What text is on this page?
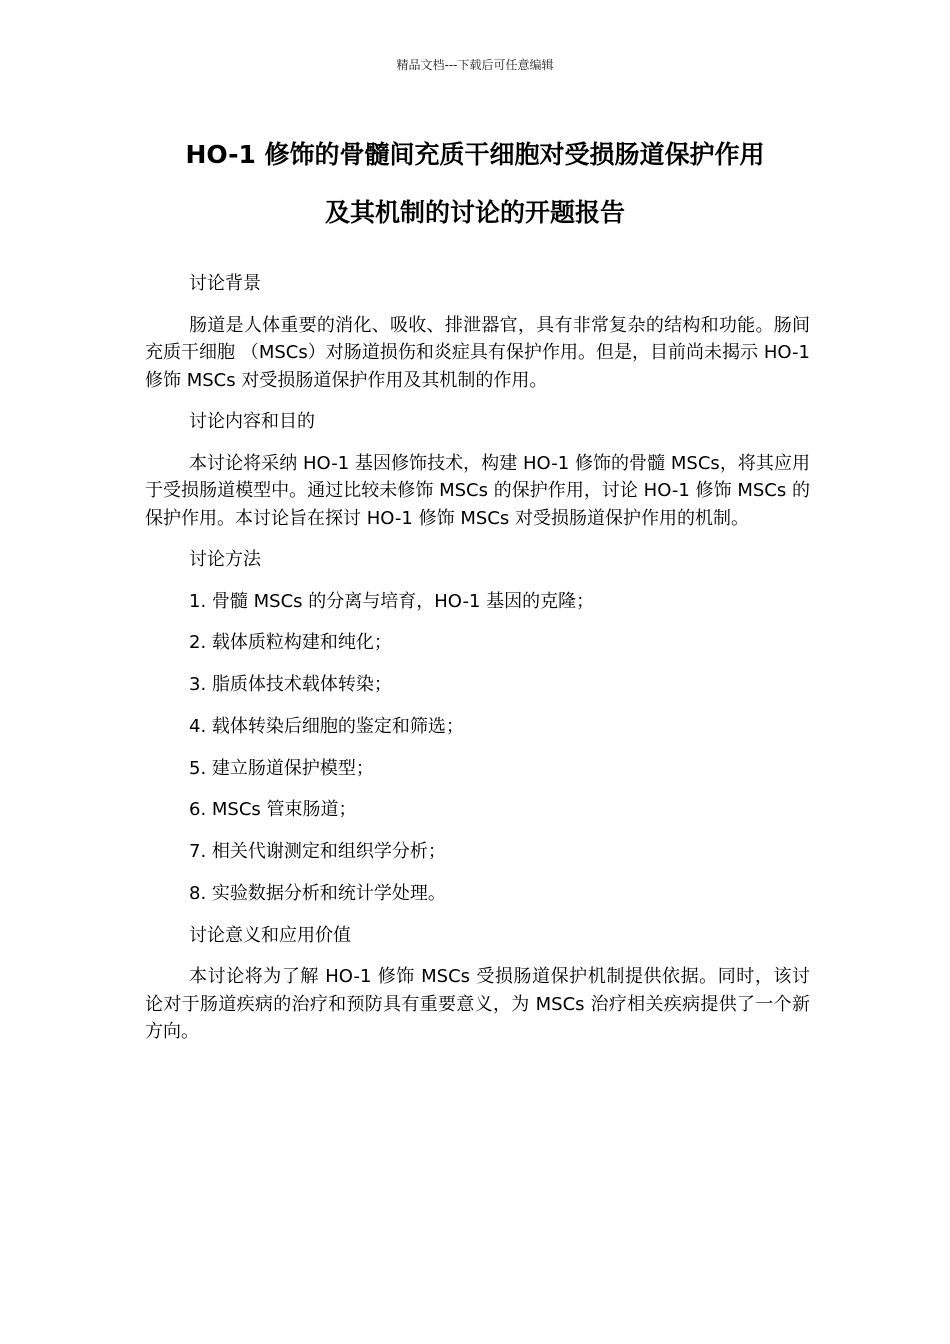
精品文档---下载后可任意编辑
HO-1 修饰的骨髓间充质干细胞对受损肠道保护作用
及其机制的讨论的开题报告

讨论背景

肠道是人体重要的消化、吸收、排泄器官，具有非常复杂的结构和功能。肠间充质干细胞 （MSCs）对肠道损伤和炎症具有保护作用。但是，目前尚未揭示 HO-1 修饰 MSCs 对受损肠道保护作用及其机制的作用。

讨论内容和目的

本讨论将采纳 HO-1 基因修饰技术，构建 HO-1 修饰的骨髓 MSCs，将其应用于受损肠道模型中。通过比较未修饰 MSCs 的保护作用，讨论 HO-1 修饰 MSCs 的保护作用。本讨论旨在探讨 HO-1 修饰 MSCs 对受损肠道保护作用的机制。

讨论方法

1. 骨髓 MSCs 的分离与培育，HO-1 基因的克隆；

2. 载体质粒构建和纯化；

3. 脂质体技术载体转染；

4. 载体转染后细胞的鉴定和筛选；

5. 建立肠道保护模型；

6. MSCs 管束肠道；

7. 相关代谢测定和组织学分析；

8. 实验数据分析和统计学处理。

讨论意义和应用价值

本讨论将为了解 HO-1 修饰 MSCs 受损肠道保护机制提供依据。同时，该讨论对于肠道疾病的治疗和预防具有重要意义，为 MSCs 治疗相关疾病提供了一个新方向。
